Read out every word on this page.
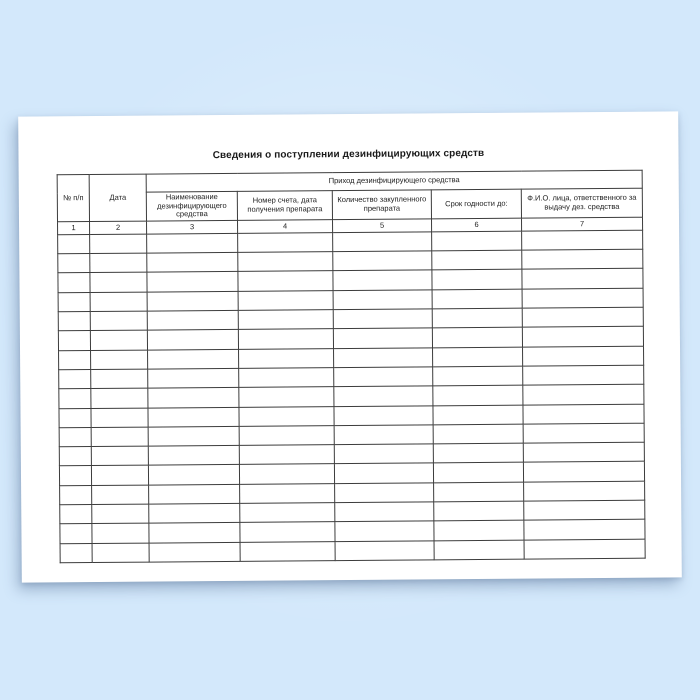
Сведения о поступлении дезинфицирующих средств
№ п/п	Дата	Приход дезинфицирующего средства				
		Наименование дезинфицирующего средства	Номер счета, дата получения препарата	Количество закупленного препарата	Срок годности до:	Ф.И.О. лица, ответственного за выдачу дез. средства
1	2	3	4	5	6	7
